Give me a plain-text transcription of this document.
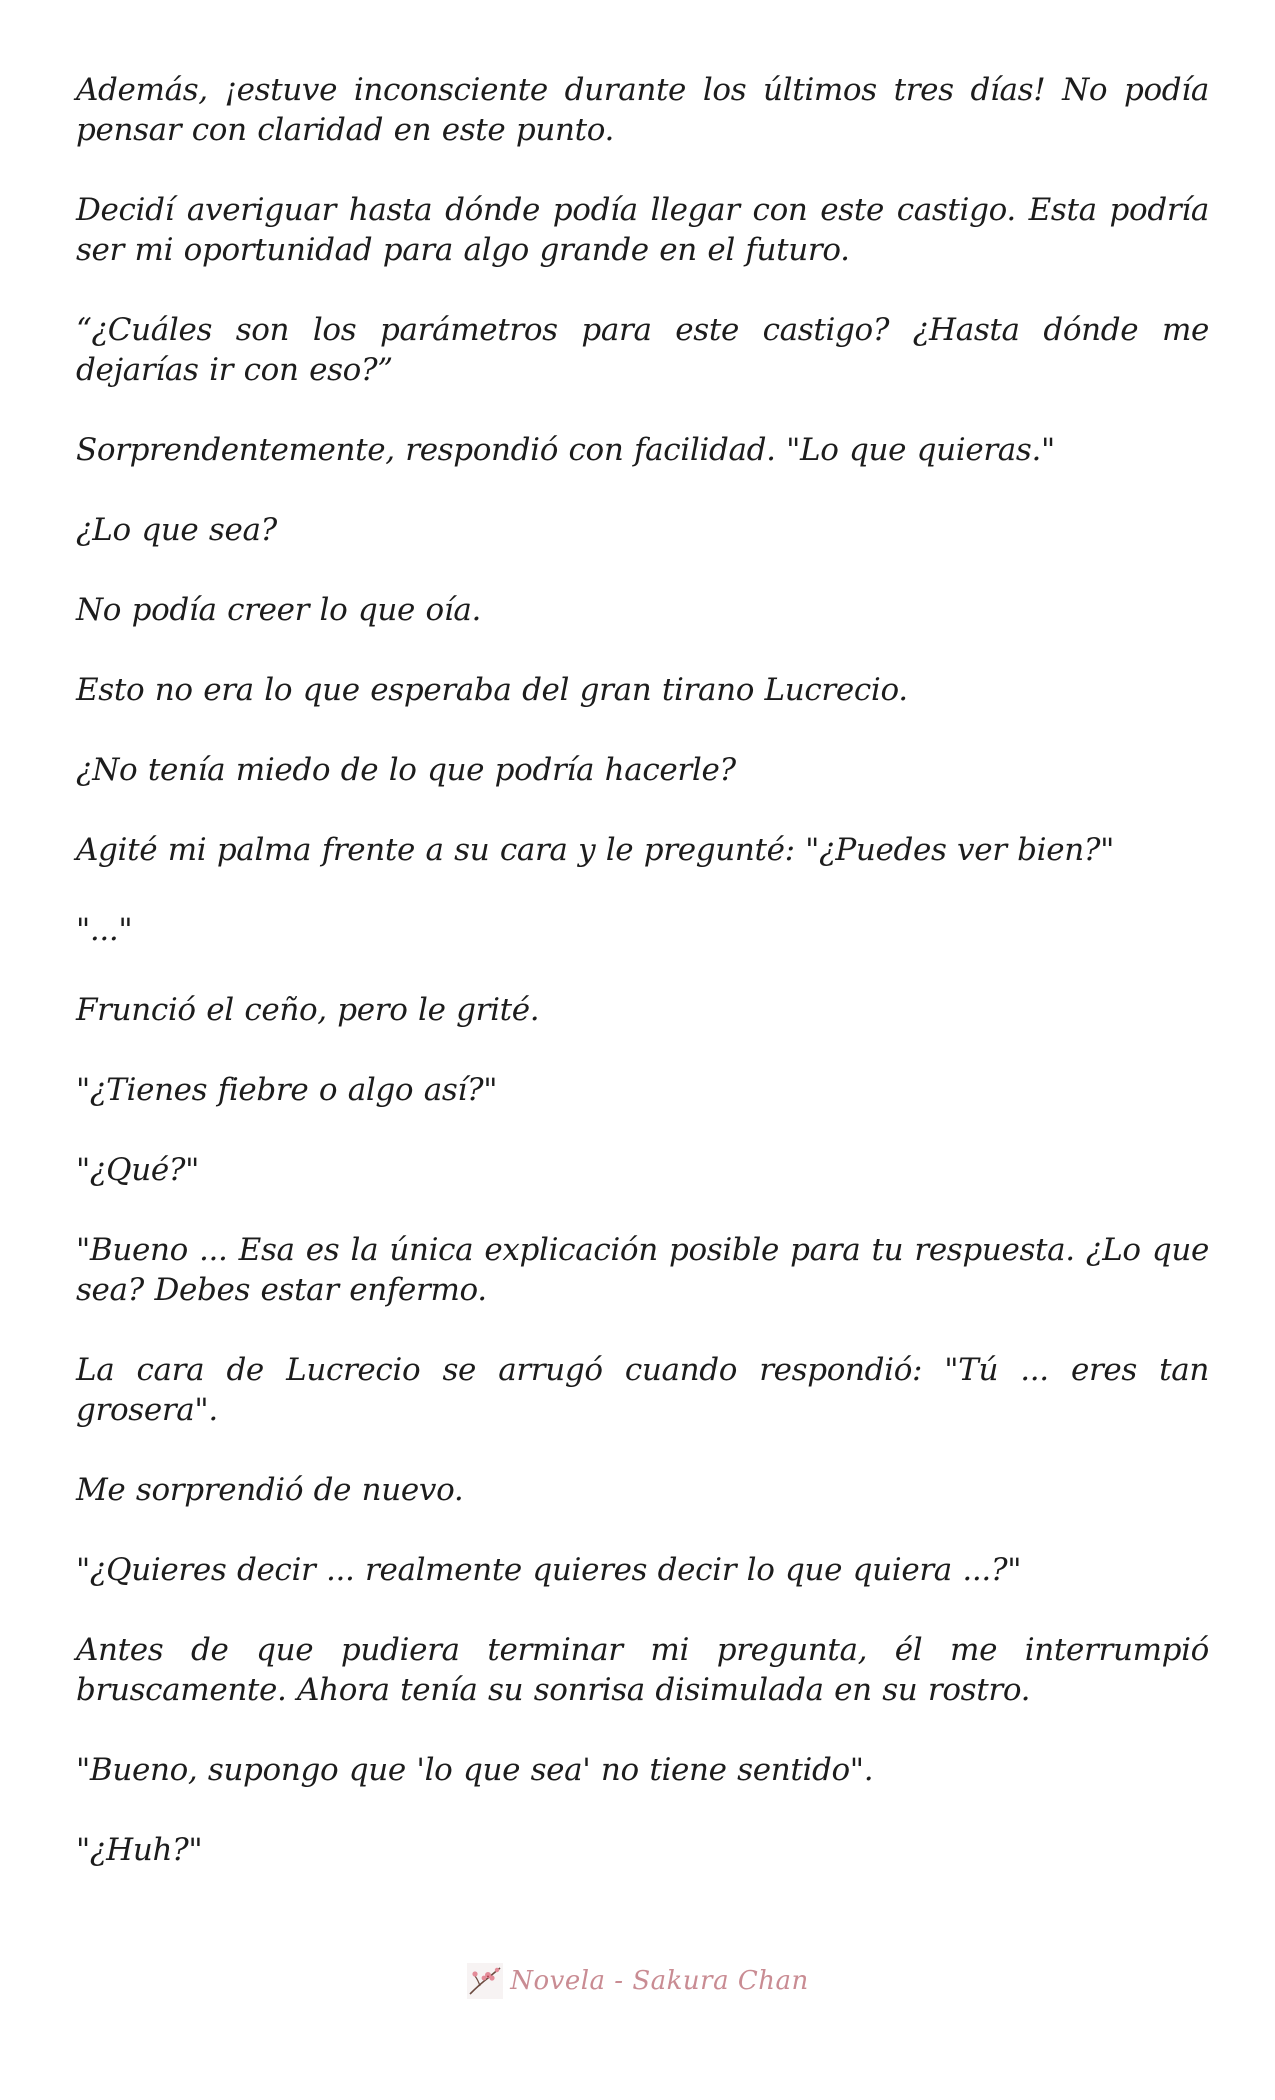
Además, ¡estuve inconsciente durante los últimos tres días! No podía pensar con claridad en este punto.

Decidí averiguar hasta dónde podía llegar con este castigo. Esta podría ser mi oportunidad para algo grande en el futuro.

“¿Cuáles son los parámetros para este castigo? ¿Hasta dónde me dejarías ir con eso?”

Sorprendentemente, respondió con facilidad. "Lo que quieras."

¿Lo que sea?

No podía creer lo que oía.

Esto no era lo que esperaba del gran tirano Lucrecio.

¿No tenía miedo de lo que podría hacerle?

Agité mi palma frente a su cara y le pregunté: "¿Puedes ver bien?"

"..."

Frunció el ceño, pero le grité.

"¿Tienes fiebre o algo así?"

"¿Qué?"

"Bueno ... Esa es la única explicación posible para tu respuesta. ¿Lo que sea? Debes estar enfermo.

La cara de Lucrecio se arrugó cuando respondió: "Tú ... eres tan grosera".

Me sorprendió de nuevo.

"¿Quieres decir ... realmente quieres decir lo que quiera ...?"

Antes de que pudiera terminar mi pregunta, él me interrumpió bruscamente. Ahora tenía su sonrisa disimulada en su rostro.

"Bueno, supongo que 'lo que sea' no tiene sentido".

"¿Huh?"

Novela - Sakura Chan
